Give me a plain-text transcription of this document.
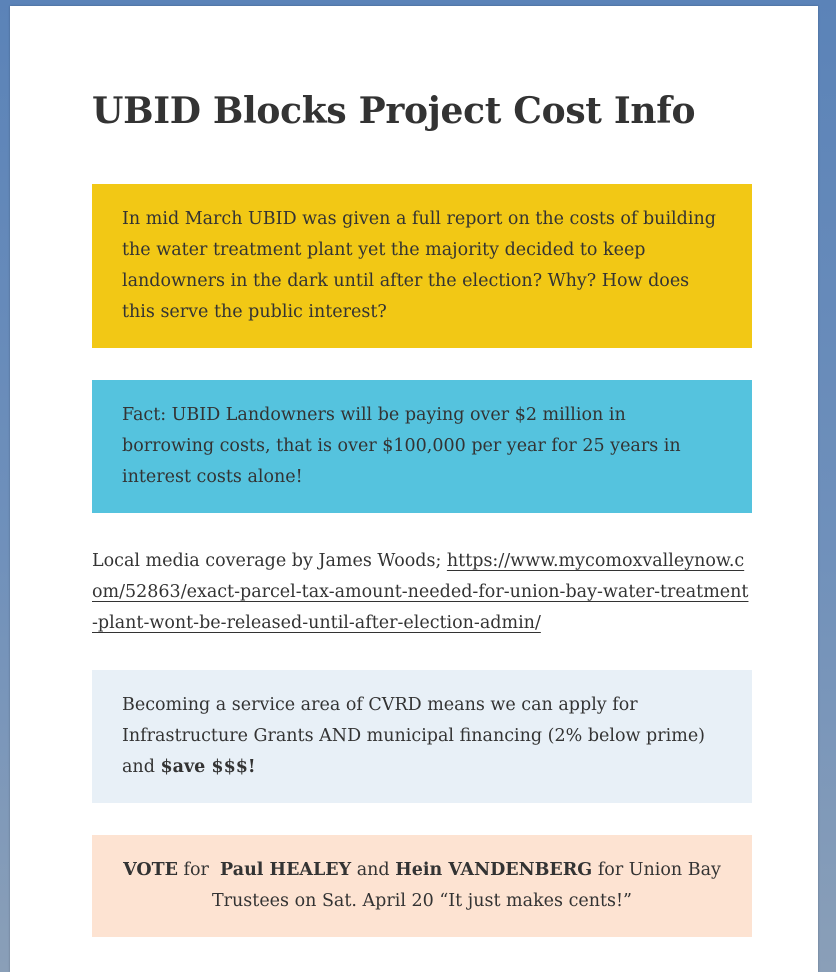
UBID Blocks Project Cost Info

In mid March UBID was given a full report on the costs of building the water treatment plant yet the majority decided to keep landowners in the dark until after the election? Why? How does this serve the public interest?

Fact: UBID Landowners will be paying over $2 million in borrowing costs, that is over $100,000 per year for 25 years in interest costs alone!

Local media coverage by James Woods; https://www.mycomoxvalleynow.com/52863/exact-parcel-tax-amount-needed-for-union-bay-water-treatment-plant-wont-be-released-until-after-election-admin/

Becoming a service area of CVRD means we can apply for Infrastructure Grants AND municipal financing (2% below prime) and $ave $$$!

VOTE for  Paul HEALEY and Hein VANDENBERG for Union Bay Trustees on Sat. April 20 “It just makes cents!”
